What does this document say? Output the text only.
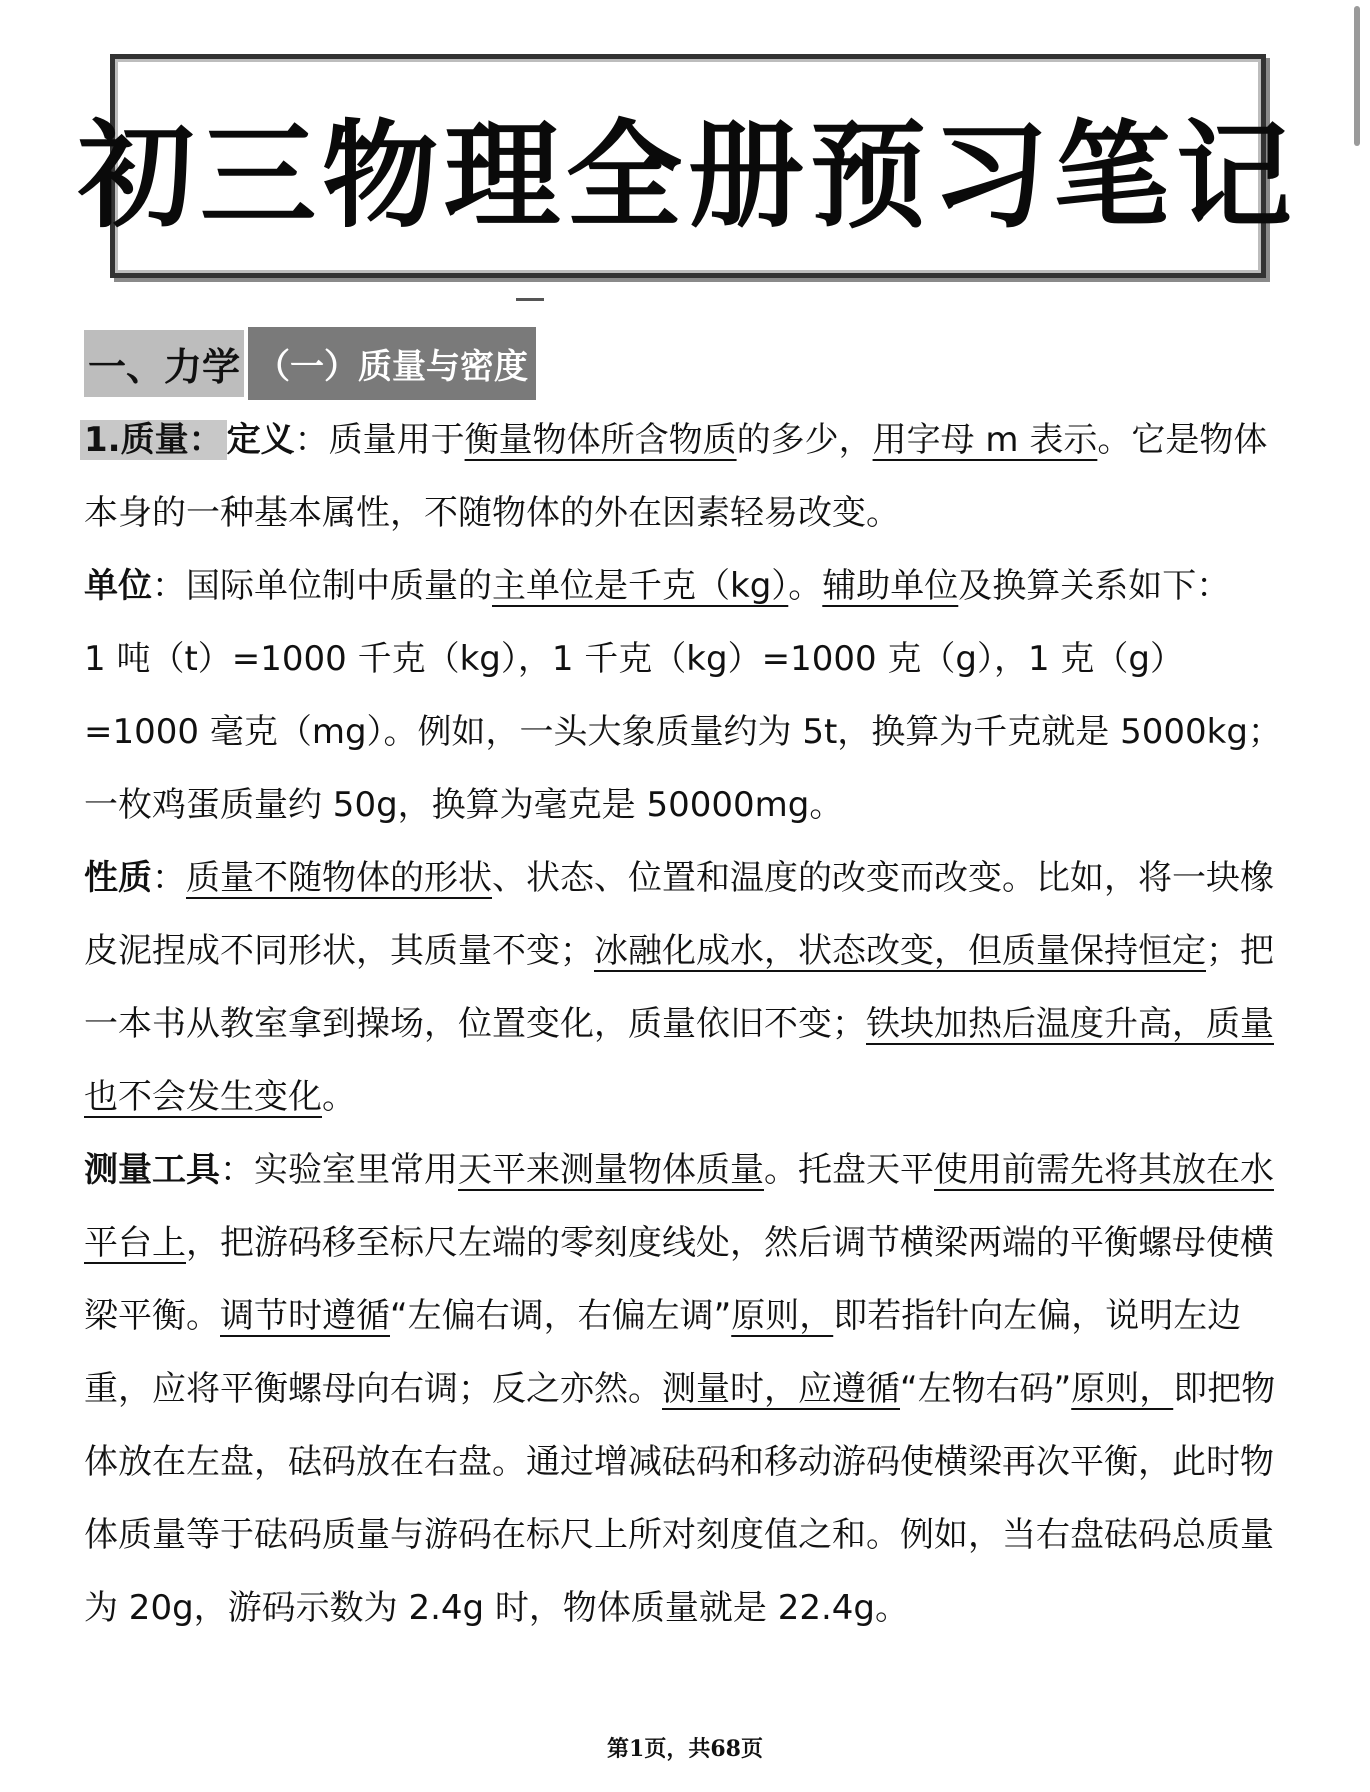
初三物理全册预习笔记
一、力学 （一）质量与密度

1.质量： 定义：质量用于衡量物体所含物质的多少，用字母 m 表示。它是物体本身的一种基本属性，不随物体的外在因素轻易改变。

单位：国际单位制中质量的主单位是千克（kg）。辅助单位及换算关系如下：
1 吨（t）=1000 千克（kg），1 千克（kg）=1000 克（g），1 克（g）=1000 毫克（mg）。例如，一头大象质量约为 5t，换算为千克就是 5000kg；一枚鸡蛋质量约 50g，换算为毫克是 50000mg。

性质：质量不随物体的形状、状态、位置和温度的改变而改变。比如，将一块橡皮泥捏成不同形状，其质量不变；冰融化成水，状态改变，但质量保持恒定；把一本书从教室拿到操场，位置变化，质量依旧不变；铁块加热后温度升高，质量也不会发生变化。

测量工具：实验室里常用天平来测量物体质量。托盘天平使用前需先将其放在水平台上，把游码移至标尺左端的零刻度线处，然后调节横梁两端的平衡螺母使横梁平衡。调节时遵循“左偏右调，右偏左调”原则，即若指针向左偏，说明左边重，应将平衡螺母向右调；反之亦然。测量时，应遵循“左物右码”原则，即把物体放在左盘，砝码放在右盘。通过增减砝码和移动游码使横梁再次平衡，此时物体质量等于砝码质量与游码在标尺上所对刻度值之和。例如，当右盘砝码总质量为 20g，游码示数为 2.4g 时，物体质量就是 22.4g。

第1页，共68页
